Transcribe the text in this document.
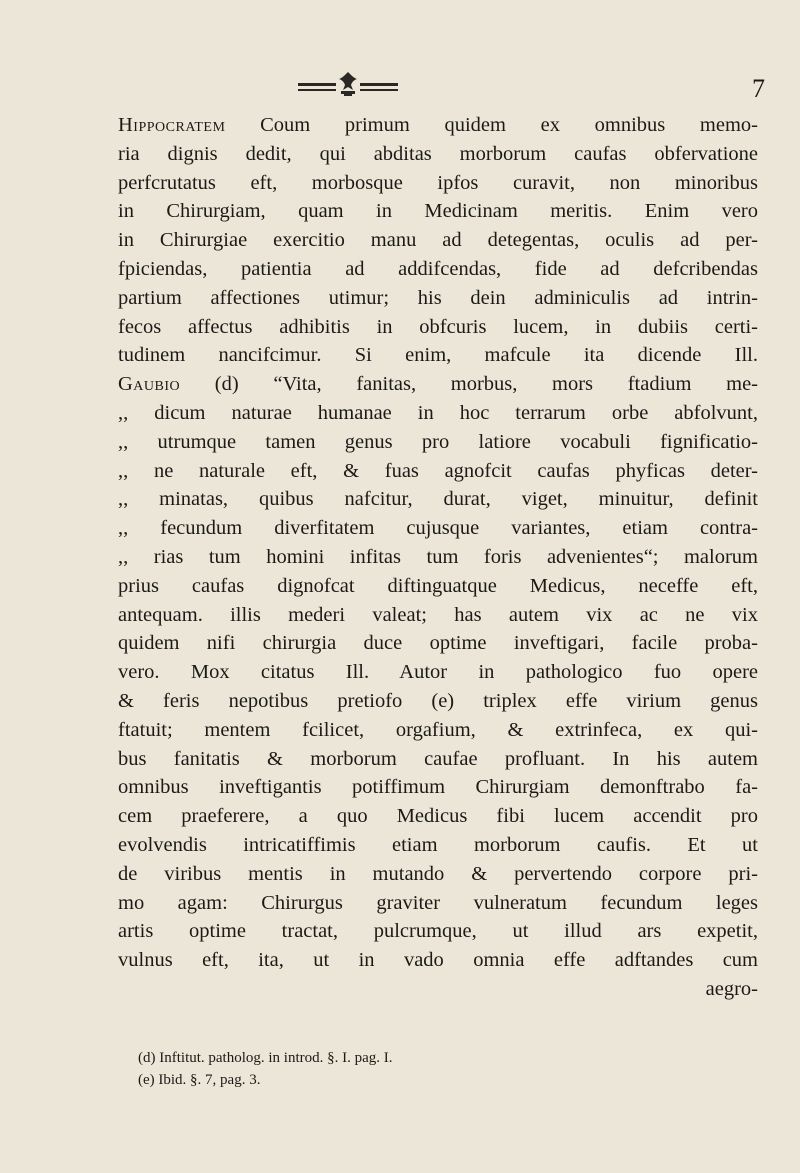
7
Hippocratem Coum primum quidem ex omnibus memo-
ria dignis dedit, qui abditas morborum caufas obfervatione
perfcrutatus eft, morbosque ipfos curavit, non minoribus
in Chirurgiam, quam in Medicinam meritis. Enim vero
in Chirurgiae exercitio manu ad detegentas, oculis ad per-
fpiciendas, patientia ad addifcendas, fide ad defcribendas
partium affectiones utimur; his dein adminiculis ad intrin-
fecos affectus adhibitis in obfcuris lucem, in dubiis certi-
tudinem nancifcimur. Si enim, mafcule ita dicende Ill.
Gaubio (d) “Vita, fanitas, morbus, mors ftadium me-
,, dicum naturae humanae in hoc terrarum orbe abfolvunt,
,, utrumque tamen genus pro latiore vocabuli fignificatio-
,, ne naturale eft, & fuas agnofcit caufas phyficas deter-
,, minatas, quibus nafcitur, durat, viget, minuitur, definit
,, fecundum diverfitatem cujusque variantes, etiam contra-
,, rias tum homini infitas tum foris advenientes“; malorum
prius caufas dignofcat diftinguatque Medicus, neceffe eft,
antequam. illis mederi valeat; has autem vix ac ne vix
quidem nifi chirurgia duce optime inveftigari, facile proba-
vero. Mox citatus Ill. Autor in pathologico fuo opere
& feris nepotibus pretiofo (e) triplex effe virium genus
ftatuit; mentem fcilicet, orgafium, & extrinfeca, ex qui-
bus fanitatis & morborum caufae profluant. In his autem
omnibus inveftigantis potiffimum Chirurgiam demonftrabo fa-
cem praeferere, a quo Medicus fibi lucem accendit pro
evolvendis intricatiffimis etiam morborum caufis. Et ut
de viribus mentis in mutando & pervertendo corpore pri-
mo agam: Chirurgus graviter vulneratum fecundum leges
artis optime tractat, pulcrumque, ut illud ars expetit,
vulnus eft, ita, ut in vado omnia effe adftandes cum
aegro-
(d) Inftitut. patholog. in introd. §. I. pag. I.
(e) Ibid. §. 7, pag. 3.
